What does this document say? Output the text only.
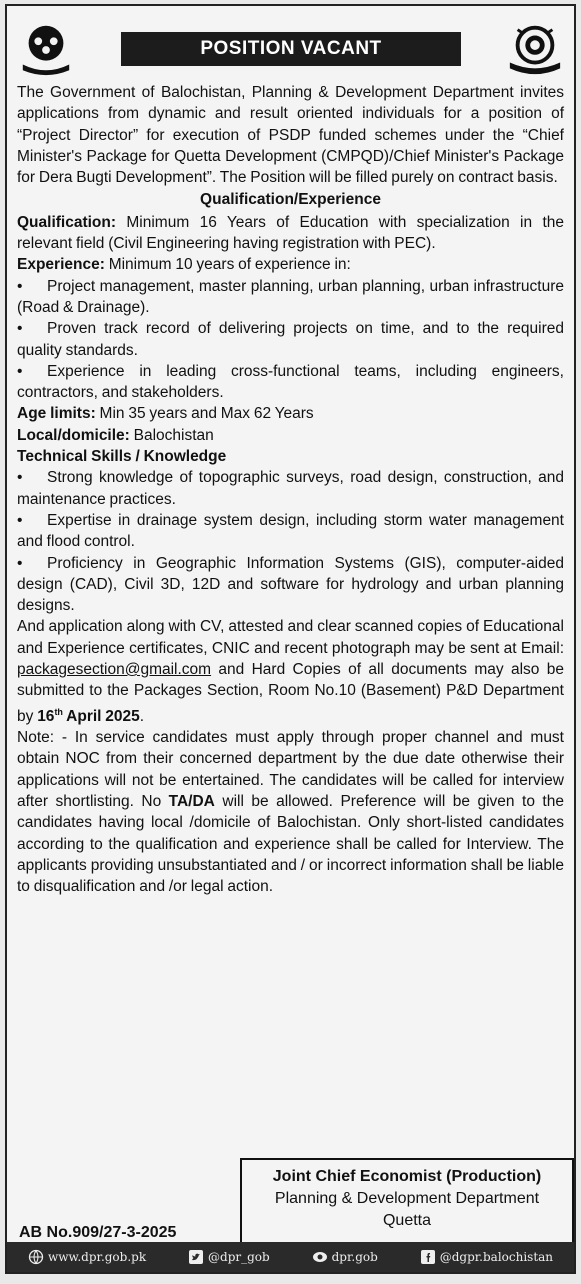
POSITION VACANT

The Government of Balochistan, Planning & Development Department invites applications from dynamic and result oriented individuals for a position of “Project Director” for execution of PSDP funded schemes under the “Chief Minister's Package for Quetta Development (CMPQD)/Chief Minister's Package for Dera Bugti Development”. The Position will be filled purely on contract basis.

Qualification/Experience

Qualification: Minimum 16 Years of Education with specialization in the relevant field (Civil Engineering having registration with PEC).

Experience: Minimum 10 years of experience in:

• Project management, master planning, urban planning, urban infrastructure (Road & Drainage).

• Proven track record of delivering projects on time, and to the required quality standards.

• Experience in leading cross-functional teams, including engineers, contractors, and stakeholders.

Age limits: Min 35 years and Max 62 Years

Local/domicile: Balochistan

Technical Skills / Knowledge

• Strong knowledge of topographic surveys, road design, construction, and maintenance practices.

• Expertise in drainage system design, including storm water management and flood control.

• Proficiency in Geographic Information Systems (GIS), computer-aided design (CAD), Civil 3D, 12D and software for hydrology and urban planning designs.

And application along with CV, attested and clear scanned copies of Educational and Experience certificates, CNIC and recent photograph may be sent at Email: packagesection@gmail.com and Hard Copies of all documents may also be submitted to the Packages Section, Room No.10 (Basement) P&D Department by 16th April 2025.

Note: - In service candidates must apply through proper channel and must obtain NOC from their concerned department by the due date otherwise their applications will not be entertained. The candidates will be called for interview after shortlisting. No TA/DA will be allowed. Preference will be given to the candidates having local /domicile of Balochistan. Only short-listed candidates according to the qualification and experience shall be called for Interview. The applicants providing unsubstantiated and / or incorrect information shall be liable to disqualification and /or legal action.

Joint Chief Economist (Production)
Planning & Development Department
Quetta
AB No.909/27-3-2025
www.dpr.gob.pk	@dpr_gob	dpr.gob	@dgpr.balochistan
